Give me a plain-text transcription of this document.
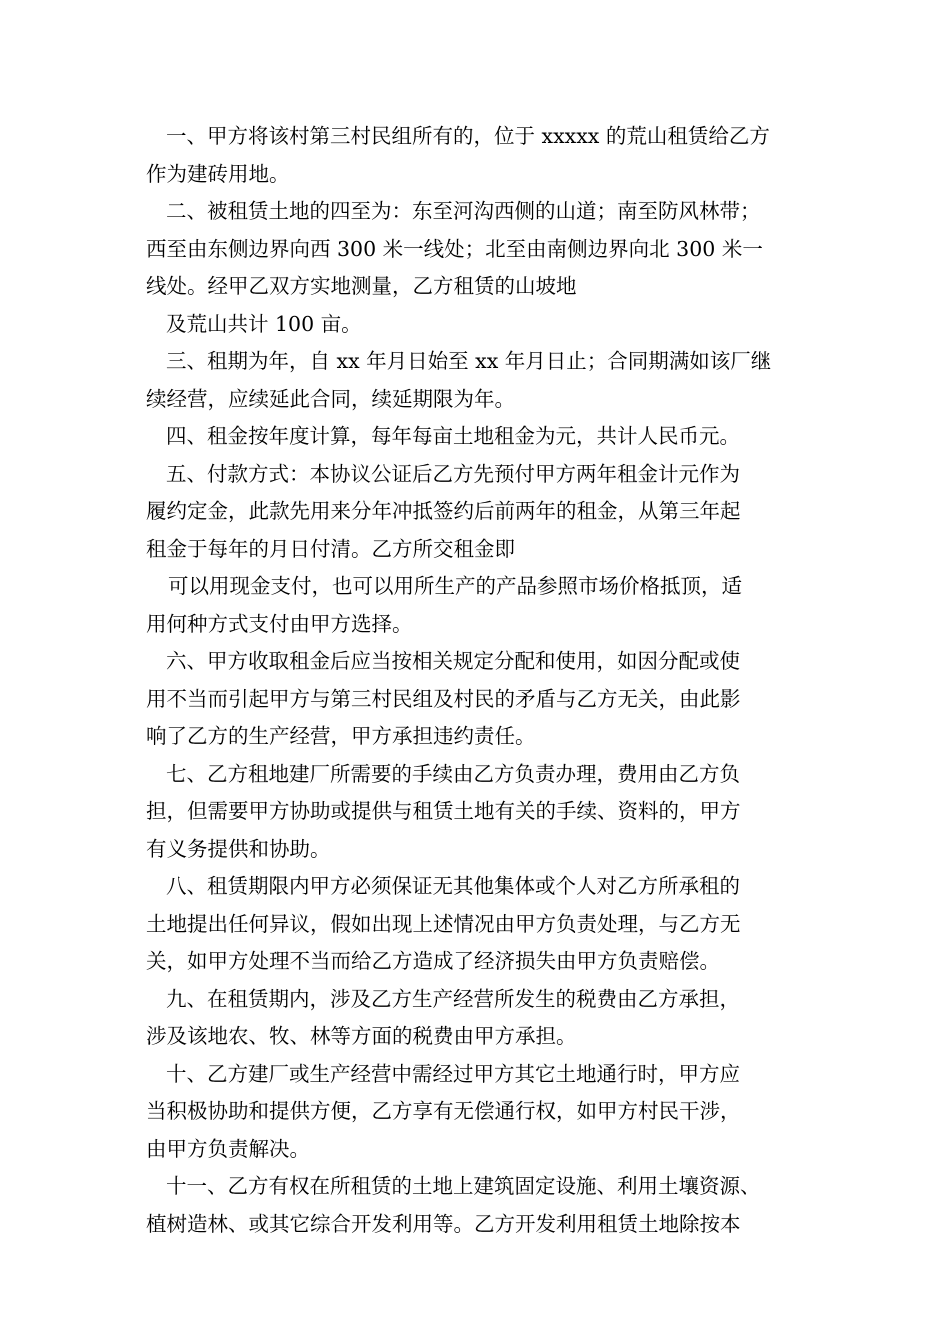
一、甲方将该村第三村民组所有的，位于 xxxxx 的荒山租赁给乙方
作为建砖用地。
二、被租赁土地的四至为：东至河沟西侧的山道；南至防风林带；
西至由东侧边界向西 300 米一线处；北至由南侧边界向北 300 米一
线处。经甲乙双方实地测量，乙方租赁的山坡地
及荒山共计 100 亩。
三、租期为年，自 xx 年月日始至 xx 年月日止；合同期满如该厂继
续经营，应续延此合同，续延期限为年。
四、租金按年度计算，每年每亩土地租金为元，共计人民币元。
五、付款方式：本协议公证后乙方先预付甲方两年租金计元作为
履约定金，此款先用来分年冲抵签约后前两年的租金，从第三年起
租金于每年的月日付清。乙方所交租金即
可以用现金支付，也可以用所生产的产品参照市场价格抵顶，适
用何种方式支付由甲方选择。
六、甲方收取租金后应当按相关规定分配和使用，如因分配或使
用不当而引起甲方与第三村民组及村民的矛盾与乙方无关，由此影
响了乙方的生产经营，甲方承担违约责任。
七、乙方租地建厂所需要的手续由乙方负责办理，费用由乙方负
担，但需要甲方协助或提供与租赁土地有关的手续、资料的，甲方
有义务提供和协助。
八、租赁期限内甲方必须保证无其他集体或个人对乙方所承租的
土地提出任何异议，假如出现上述情况由甲方负责处理，与乙方无
关，如甲方处理不当而给乙方造成了经济损失由甲方负责赔偿。
九、在租赁期内，涉及乙方生产经营所发生的税费由乙方承担，
涉及该地农、牧、林等方面的税费由甲方承担。
十、乙方建厂或生产经营中需经过甲方其它土地通行时，甲方应
当积极协助和提供方便，乙方享有无偿通行权，如甲方村民干涉，
由甲方负责解决。
十一、乙方有权在所租赁的土地上建筑固定设施、利用土壤资源、
植树造林、或其它综合开发利用等。乙方开发利用租赁土地除按本
